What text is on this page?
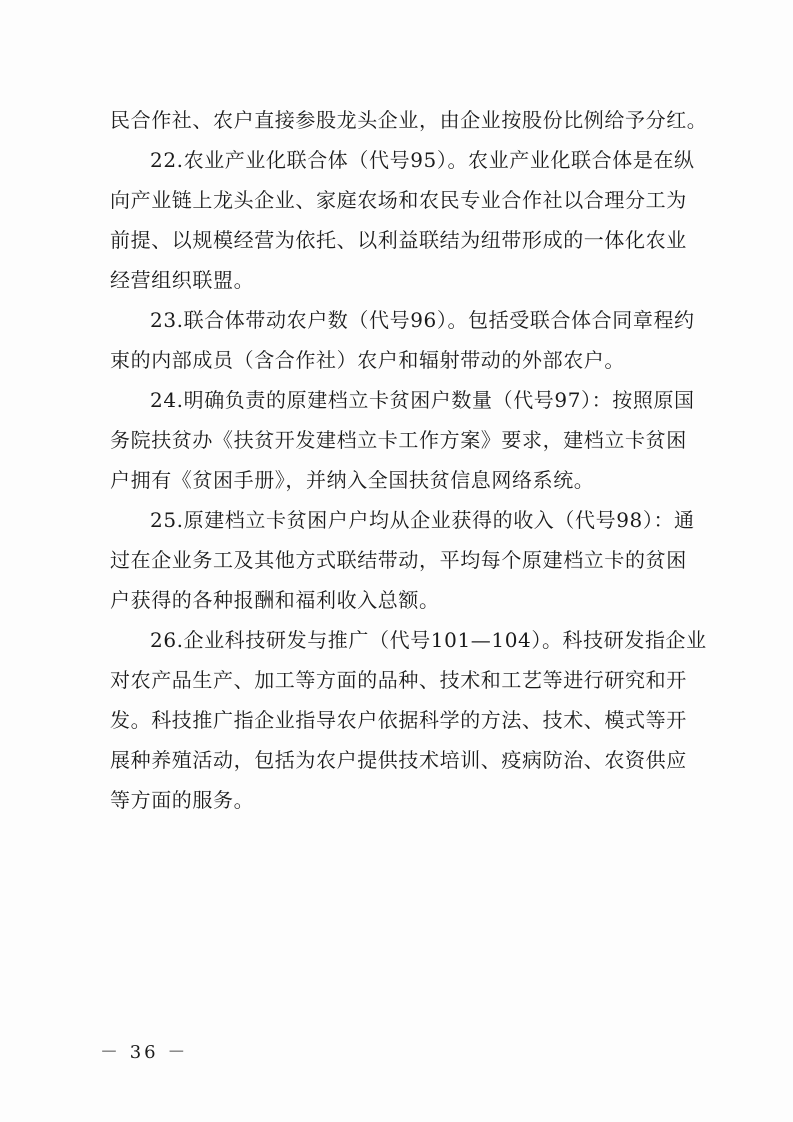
民合作社、农户直接参股龙头企业，由企业按股份比例给予分红。
22.农业产业化联合体（代号95）。农业产业化联合体是在纵
向产业链上龙头企业、家庭农场和农民专业合作社以合理分工为
前提、以规模经营为依托、以利益联结为纽带形成的一体化农业
经营组织联盟。
23.联合体带动农户数（代号96）。包括受联合体合同章程约
束的内部成员（含合作社）农户和辐射带动的外部农户。
24.明确负责的原建档立卡贫困户数量（代号97）：按照原国
务院扶贫办《扶贫开发建档立卡工作方案》要求，建档立卡贫困
户拥有《贫困手册》，并纳入全国扶贫信息网络系统。
25.原建档立卡贫困户户均从企业获得的收入（代号98）：通
过在企业务工及其他方式联结带动，平均每个原建档立卡的贫困
户获得的各种报酬和福利收入总额。
26.企业科技研发与推广（代号101—104）。科技研发指企业
对农产品生产、加工等方面的品种、技术和工艺等进行研究和开
发。科技推广指企业指导农户依据科学的方法、技术、模式等开
展种养殖活动，包括为农户提供技术培训、疫病防治、农资供应
等方面的服务。
－ 36 －
